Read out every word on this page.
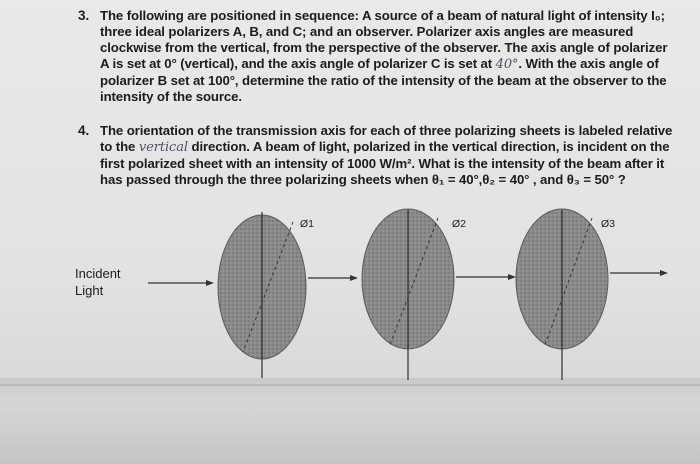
3. The following are positioned in sequence: A source of a beam of natural light of intensity I₀;
three ideal polarizers A, B, and C; and an observer. Polarizer axis angles are measured
clockwise from the vertical, from the perspective of the observer. The axis angle of polarizer
A is set at 0° (vertical), and the axis angle of polarizer C is set at 40°. With the axis angle of
polarizer B set at 100°, determine the ratio of the intensity of the beam at the observer to the
intensity of the source.
4. The orientation of the transmission axis for each of three polarizing sheets is labeled relative
to the vertical direction. A beam of light, polarized in the vertical direction, is incident on the
first polarized sheet with an intensity of 1000 W/m². What is the intensity of the beam after it
has passed through the three polarizing sheets when θ₁ = 40°,θ₂ = 40° , and θ₃ = 50° ?
Ø1	Ø2	Ø3
Incident
Light
